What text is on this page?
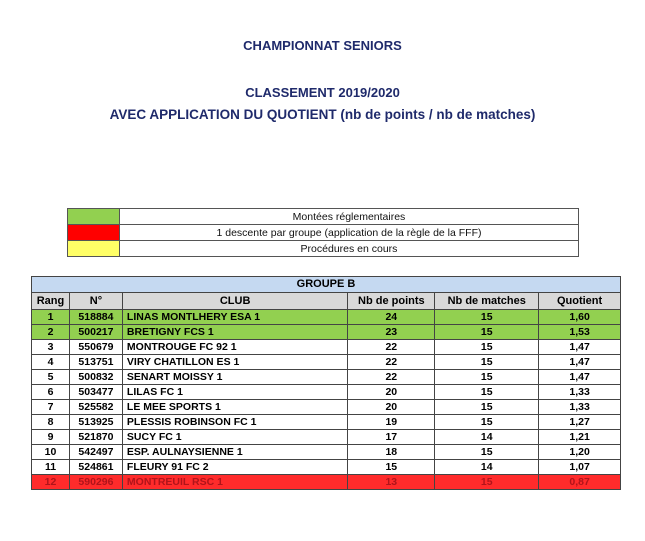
CHAMPIONNAT SENIORS
CLASSEMENT 2019/2020
AVEC APPLICATION DU QUOTIENT (nb de points / nb de matches)
	Montées réglementaires
	1 descente par groupe (application de la règle de la FFF)
	Procédures en cours
GROUPE B					
Rang	N°	CLUB	Nb de points	Nb de matches	Quotient
1	518884	LINAS MONTLHERY ESA 1	24	15	1,60
2	500217	BRETIGNY FCS 1	23	15	1,53
3	550679	MONTROUGE FC 92 1	22	15	1,47
4	513751	VIRY CHATILLON ES 1	22	15	1,47
5	500832	SENART MOISSY 1	22	15	1,47
6	503477	LILAS FC 1	20	15	1,33
7	525582	LE MEE SPORTS 1	20	15	1,33
8	513925	PLESSIS ROBINSON FC 1	19	15	1,27
9	521870	SUCY FC 1	17	14	1,21
10	542497	ESP. AULNAYSIENNE 1	18	15	1,20
11	524861	FLEURY 91 FC 2	15	14	1,07
12	590296	MONTREUIL RSC 1	13	15	0,87
